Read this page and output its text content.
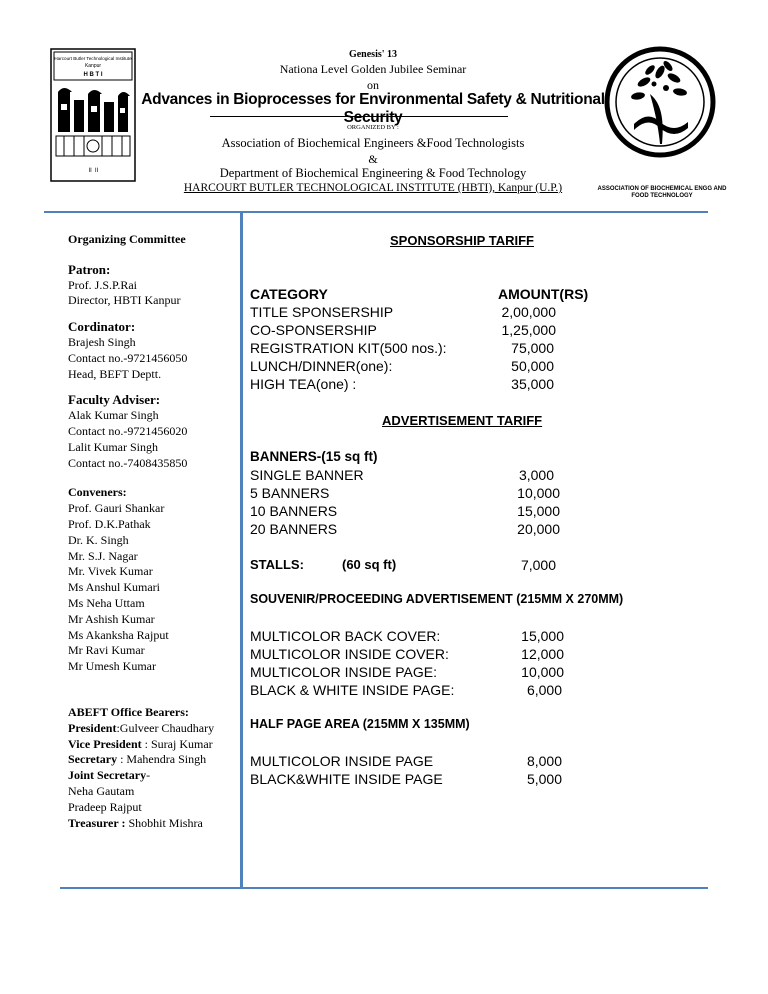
Harcourt Butler Technological Institute
Kanpur
H B T I
॥ ॥
Genesis' 13
Nationa Level Golden Jubilee Seminar
on
Advances in Bioprocesses for Environmental Safety & Nutritional Security
ORGANIZED BY :
Association of Biochemical Engineers &Food Technologists
&
Department of Biochemical Engineering & Food Technology
HARCOURT BUTLER TECHNOLOGICAL INSTITUTE (HBTI), Kanpur (U.P.)	ASSOCIATION OF BIOCHEMICAL ENGG AND FOOD TECHNOLOGY
Organizing Committee
Patron:
Prof. J.S.P.Rai
Director, HBTI Kanpur
Cordinator:
Brajesh Singh
Contact no.-9721456050
Head, BEFT Deptt.
Faculty Adviser:
Alak Kumar Singh
Contact no.-9721456020
Lalit Kumar Singh
Contact no.-7408435850
Conveners:
Prof. Gauri Shankar
Prof. D.K.Pathak
Dr. K. Singh
Mr. S.J. Nagar
Mr. Vivek Kumar
Ms Anshul Kumari
Ms Neha Uttam
Mr Ashish Kumar
Ms Akanksha Rajput
Mr Ravi Kumar
Mr Umesh Kumar
ABEFT Office Bearers:
President:Gulveer Chaudhary
Vice President : Suraj Kumar
Secretary : Mahendra Singh
Joint Secretary-
Neha Gautam
Pradeep Rajput
Treasurer : Shobhit Mishra
SPONSORSHIP TARIFF
CATEGORY	AMOUNT(RS)
TITLE SPONSERSHIP	2,00,000
CO-SPONSERSHIP	1,25,000
REGISTRATION KIT(500 nos.):	75,000
LUNCH/DINNER(one):	50,000
HIGH TEA(one) :	35,000
ADVERTISEMENT TARIFF
BANNERS-(15 sq ft)
SINGLE BANNER	3,000
5 BANNERS	10,000
10 BANNERS	15,000
20 BANNERS	20,000
STALLS:	(60 sq ft)	7,000
SOUVENIR/PROCEEDING ADVERTISEMENT (215MM X 270MM)
MULTICOLOR BACK COVER:	15,000
MULTICOLOR INSIDE COVER:	12,000
MULTICOLOR INSIDE PAGE:	10,000
BLACK & WHITE INSIDE PAGE:	6,000
HALF PAGE AREA (215MM X 135MM)
MULTICOLOR INSIDE PAGE	8,000
BLACK&WHITE INSIDE PAGE	5,000
